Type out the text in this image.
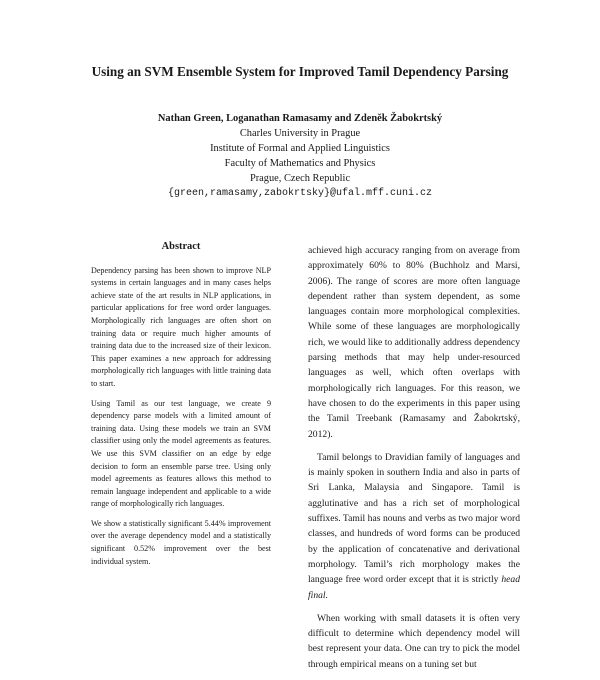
Using an SVM Ensemble System for Improved Tamil Dependency Parsing
Nathan Green, Loganathan Ramasamy and Zdeněk Žabokrtský
Charles University in Prague
Institute of Formal and Applied Linguistics
Faculty of Mathematics and Physics
Prague, Czech Republic
{green,ramasamy,zabokrtsky}@ufal.mff.cuni.cz
Abstract

Dependency parsing has been shown to improve NLP systems in certain languages and in many cases helps achieve state of the art results in NLP applications, in particular applications for free word order languages. Morphologically rich languages are often short on training data or require much higher amounts of training data due to the increased size of their lexicon. This paper examines a new approach for addressing morphologically rich languages with little training data to start.

Using Tamil as our test language, we create 9 dependency parse models with a limited amount of training data. Using these models we train an SVM classifier using only the model agreements as features. We use this SVM classifier on an edge by edge decision to form an ensemble parse tree. Using only model agreements as features allows this method to remain language independent and applicable to a wide range of morphologically rich languages.

We show a statistically significant 5.44% improvement over the average dependency model and a statistically significant 0.52% improvement over the best individual system.

achieved high accuracy ranging from on average from approximately 60% to 80% (Buchholz and Marsi, 2006). The range of scores are more often language dependent rather than system dependent, as some languages contain more morphological complexities. While some of these languages are morphologically rich, we would like to additionally address dependency parsing methods that may help under-resourced languages as well, which often overlaps with morphologically rich languages. For this reason, we have chosen to do the experiments in this paper using the Tamil Treebank (Ramasamy and Žabokrtský, 2012).

Tamil belongs to Dravidian family of languages and is mainly spoken in southern India and also in parts of Sri Lanka, Malaysia and Singapore. Tamil is agglutinative and has a rich set of morphological suffixes. Tamil has nouns and verbs as two major word classes, and hundreds of word forms can be produced by the application of concatenative and derivational morphology. Tamil’s rich morphology makes the language free word order except that it is strictly head final.

When working with small datasets it is often very difficult to determine which dependency model will best represent your data. One can try to pick the model through empirical means on a tuning set but
